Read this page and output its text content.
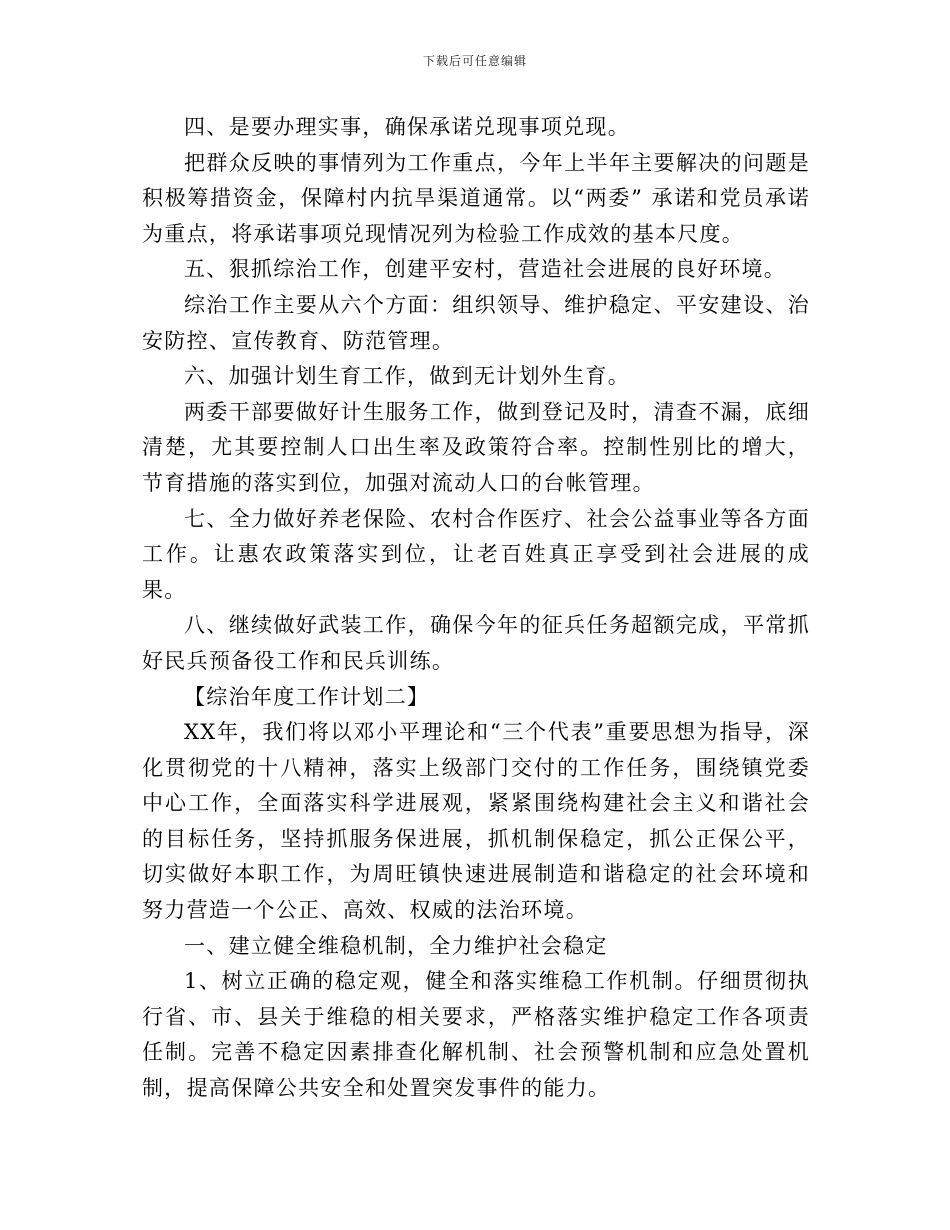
下载后可任意编辑

四、是要办理实事，确保承诺兑现事项兑现。

把群众反映的事情列为工作重点，今年上半年主要解决的问题是积极筹措资金，保障村内抗旱渠道通常。以“两委” 承诺和党员承诺为重点，将承诺事项兑现情况列为检验工作成效的基本尺度。

五、狠抓综治工作，创建平安村，营造社会进展的良好环境。

综治工作主要从六个方面：组织领导、维护稳定、平安建设、治安防控、宣传教育、防范管理。

六、加强计划生育工作，做到无计划外生育。

两委干部要做好计生服务工作，做到登记及时，清查不漏，底细清楚，尤其要控制人口出生率及政策符合率。控制性别比的增大，节育措施的落实到位，加强对流动人口的台帐管理。

七、全力做好养老保险、农村合作医疗、社会公益事业等各方面工作。让惠农政策落实到位，让老百姓真正享受到社会进展的成果。

八、继续做好武装工作，确保今年的征兵任务超额完成，平常抓好民兵预备役工作和民兵训练。

【综治年度工作计划二】

XX年，我们将以邓小平理论和“三个代表”重要思想为指导，深化贯彻党的十八精神，落实上级部门交付的工作任务，围绕镇党委中心工作，全面落实科学进展观，紧紧围绕构建社会主义和谐社会的目标任务，坚持抓服务保进展，抓机制保稳定，抓公正保公平，切实做好本职工作，为周旺镇快速进展制造和谐稳定的社会环境和努力营造一个公正、高效、权威的法治环境。

一、建立健全维稳机制，全力维护社会稳定

1、树立正确的稳定观，健全和落实维稳工作机制。仔细贯彻执行省、市、县关于维稳的相关要求，严格落实维护稳定工作各项责任制。完善不稳定因素排查化解机制、社会预警机制和应急处置机制，提高保障公共安全和处置突发事件的能力。
